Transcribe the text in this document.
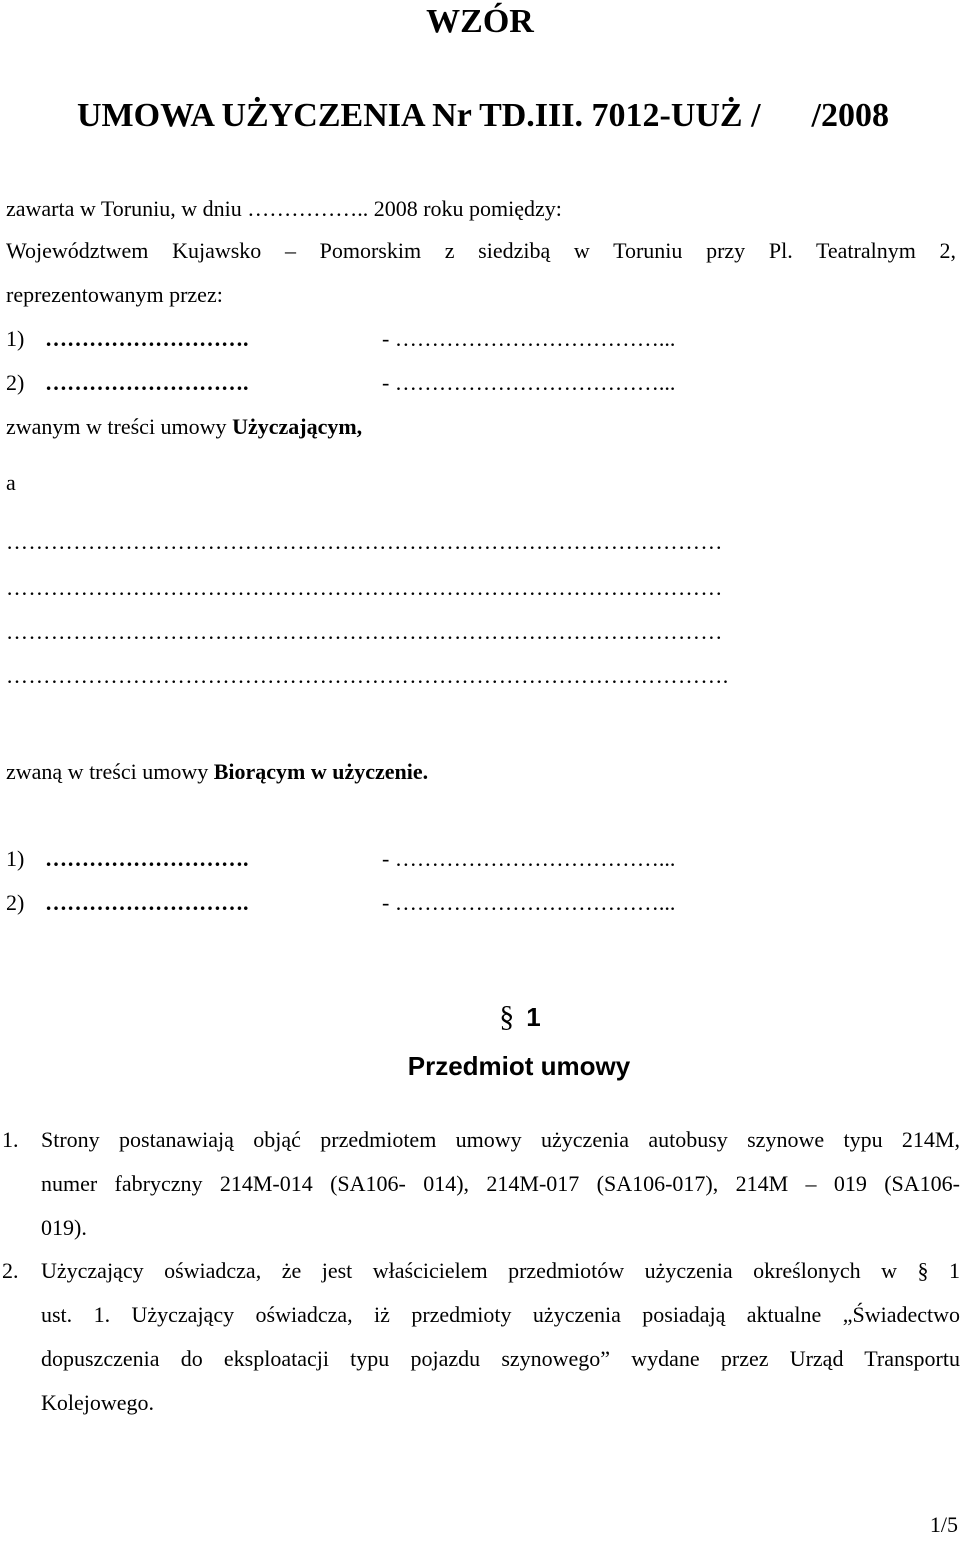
WZÓR
UMOWA UŻYCZENIA Nr TD.III. 7012-UUŻ /      /2008
zawarta w Toruniu, w dniu …………….. 2008 roku pomiędzy:
Województwem Kujawsko – Pomorskim z siedzibą w Toruniu przy Pl. Teatralnym 2,
reprezentowanym przez:
1) ……………………….	- ………………………………...
2) ……………………….	- ………………………………...
zwanym w treści umowy Użyczającym,
a
……………………………………………………………………………………
……………………………………………………………………………………
……………………………………………………………………………………
…………………………………………………………………………………….
zwaną w treści umowy Biorącym w użyczenie.
1) ……………………….	- ………………………………...
2) ……………………….	- ………………………………...
§ 1
Przedmiot umowy
1.	Strony postanawiają objąć przedmiotem umowy użyczenia autobusy szynowe typu 214M,
numer fabryczny 214M-014 (SA106- 014), 214M-017 (SA106-017), 214M – 019 (SA106-
019).
2.	Użyczający oświadcza, że jest właścicielem przedmiotów użyczenia określonych w § 1
ust. 1. Użyczający oświadcza, iż przedmioty użyczenia posiadają aktualne „Świadectwo
dopuszczenia do eksploatacji typu pojazdu szynowego” wydane przez Urząd Transportu
Kolejowego.
1/5
